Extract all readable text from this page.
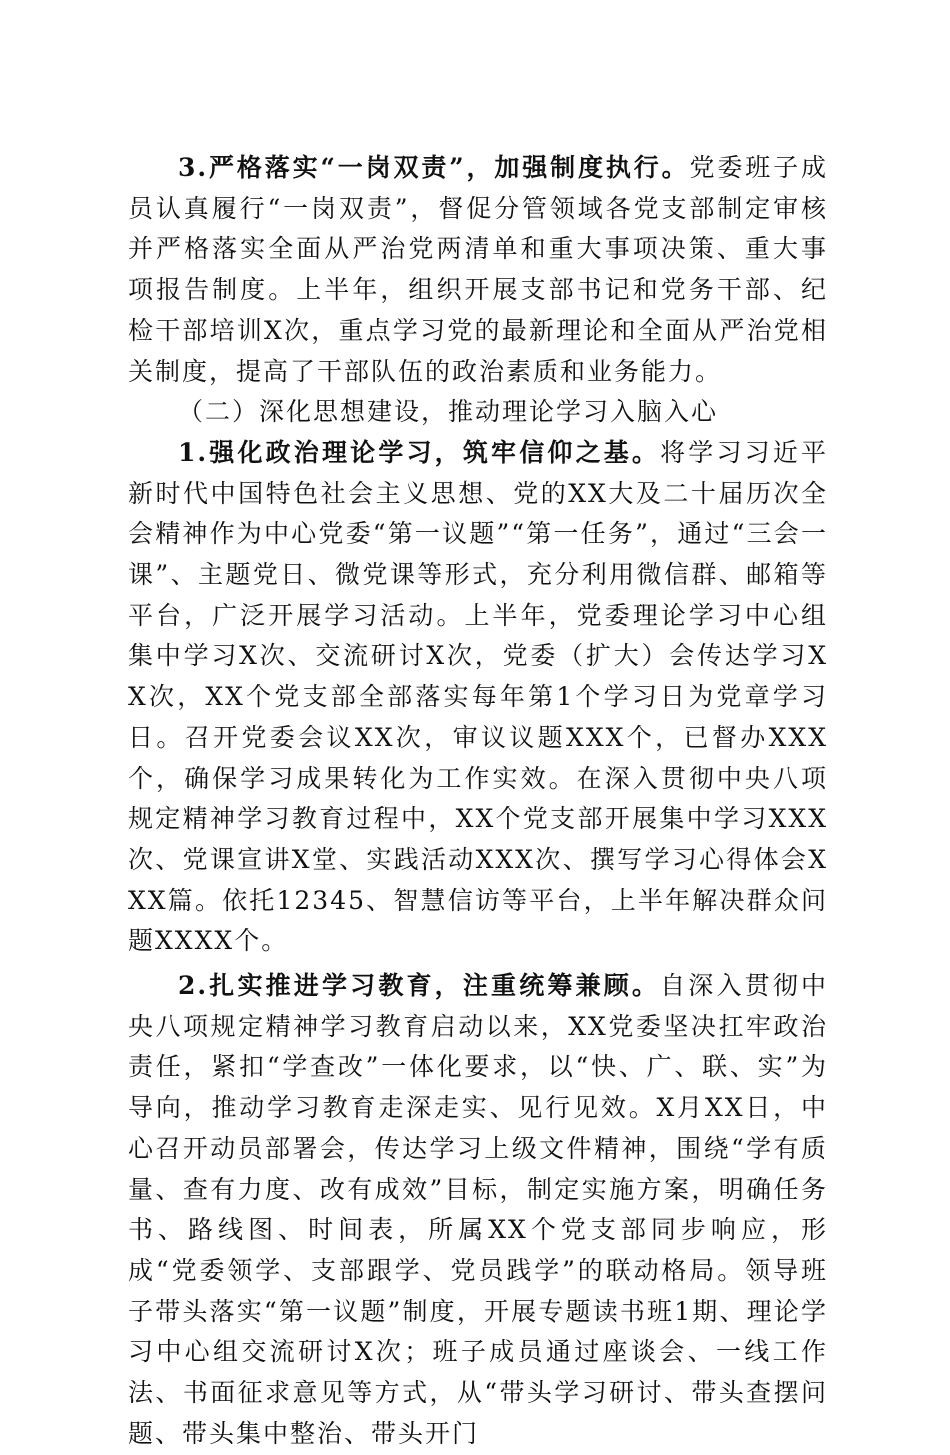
3.严格落实“一岗双责”，加强制度执行。党委班子成员认真履行“一岗双责”，督促分管领域各党支部制定审核并严格落实全面从严治党两清单和重大事项决策、重大事项报告制度。上半年，组织开展支部书记和党务干部、纪检干部培训X次，重点学习党的最新理论和全面从严治党相关制度，提高了干部队伍的政治素质和业务能力。

（二）深化思想建设，推动理论学习入脑入心

1.强化政治理论学习，筑牢信仰之基。将学习习近平新时代中国特色社会主义思想、党的XX大及二十届历次全会精神作为中心党委“第一议题”“第一任务”，通过“三会一课”、主题党日、微党课等形式，充分利用微信群、邮箱等平台，广泛开展学习活动。上半年，党委理论学习中心组集中学习X次、交流研讨X次，党委（扩大）会传达学习XX次，XX个党支部全部落实每年第1个学习日为党章学习日。召开党委会议XX次，审议议题XXX个，已督办XXX个，确保学习成果转化为工作实效。在深入贯彻中央八项规定精神学习教育过程中，XX个党支部开展集中学习XXX次、党课宣讲X堂、实践活动XXX次、撰写学习心得体会XXX篇。依托12345、智慧信访等平台，上半年解决群众问题XXXX个。

2.扎实推进学习教育，注重统筹兼顾。自深入贯彻中央八项规定精神学习教育启动以来，XX党委坚决扛牢政治责任，紧扣“学查改”一体化要求，以“快、广、联、实”为导向，推动学习教育走深走实、见行见效。X月XX日，中心召开动员部署会，传达学习上级文件精神，围绕“学有质量、查有力度、改有成效”目标，制定实施方案，明确任务书、路线图、时间表，所属XX个党支部同步响应，形成“党委领学、支部跟学、党员践学”的联动格局。领导班子带头落实“第一议题”制度，开展专题读书班1期、理论学习中心组交流研讨X次；班子成员通过座谈会、一线工作法、书面征求意见等方式，从“带头学习研讨、带头查摆问题、带头集中整治、带头开门
